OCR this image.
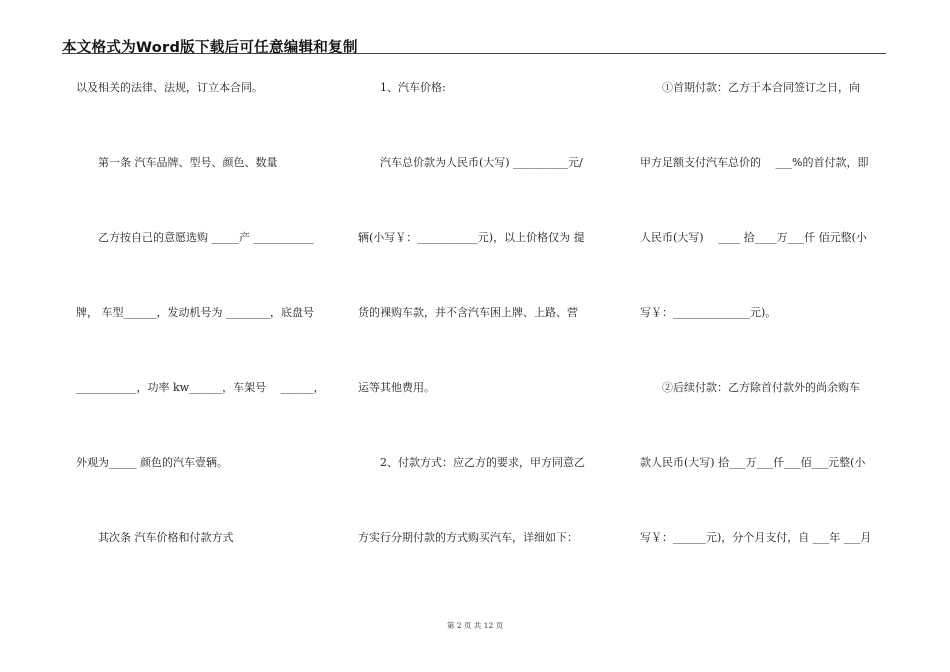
本文格式为Word版下载后可任意编辑和复制
以及相关的法律、法规，订立本合同。
　　第一条 汽车品牌、型号、颜色、数量
　　乙方按自己的意愿选购 _____产 ___________
牌， 车型______，发动机号为 ________，底盘号
___________，功率 kw______，车架号　 ______，
外观为_____ 颜色的汽车壹辆。
　　其次条 汽车价格和付款方式
　　1、汽车价格:
　　汽车总价款为人民币(大写) __________元/
辆(小写￥：___________元)，以上价格仅为 提
货的裸购车款，并不含汽车困上牌、上路、营
运等其他费用。
　　2、付款方式：应乙方的要求，甲方同意乙
方实行分期付款的方式购买汽车，详细如下：
　　①首期付款：乙方于本合同签订之日，向
甲方足额支付汽车总价的　 ___%的首付款，即
人民币(大写)　 ____ 拾____万___仟 佰元整(小
写￥：______________元)。
　　②后续付款：乙方除首付款外的尚余购车
款人民币(大写) 拾___万___仟___佰___元整(小
写￥：______元)，分个月支付，自 ___年 ___月
第 2 页 共 12 页
